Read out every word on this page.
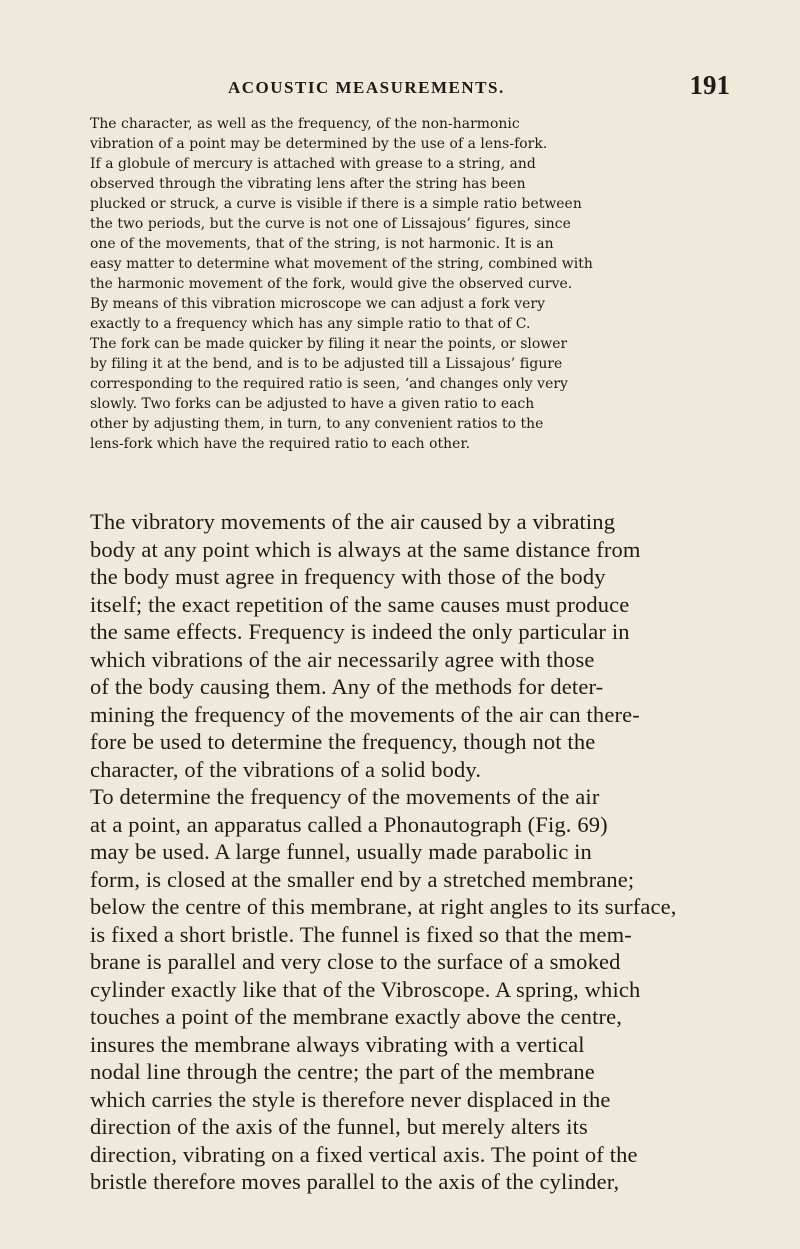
ACOUSTIC MEASUREMENTS.	191
The character, as well as the frequency, of the non-harmonic
vibration of a point may be determined by the use of a lens-fork.
If a globule of mercury is attached with grease to a string, and
observed through the vibrating lens after the string has been
plucked or struck, a curve is visible if there is a simple ratio between
the two periods, but the curve is not one of Lissajous’ figures, since
one of the movements, that of the string, is not harmonic. It is an
easy matter to determine what movement of the string, combined with
the harmonic movement of the fork, would give the observed curve.
By means of this vibration microscope we can adjust a fork very
exactly to a frequency which has any simple ratio to that of C.
The fork can be made quicker by filing it near the points, or slower
by filing it at the bend, and is to be adjusted till a Lissajous’ figure
corresponding to the required ratio is seen, ‘and changes only very
slowly. Two forks can be adjusted to have a given ratio to each
other by adjusting them, in turn, to any convenient ratios to the
lens-fork which have the required ratio to each other.
The vibratory movements of the air caused by a vibrating
body at any point which is always at the same distance from
the body must agree in frequency with those of the body
itself; the exact repetition of the same causes must produce
the same effects. Frequency is indeed the only particular in
which vibrations of the air necessarily agree with those
of the body causing them. Any of the methods for deter-
mining the frequency of the movements of the air can there-
fore be used to determine the frequency, though not the
character, of the vibrations of a solid body.
To determine the frequency of the movements of the air
at a point, an apparatus called a Phonautograph (Fig. 69)
may be used. A large funnel, usually made parabolic in
form, is closed at the smaller end by a stretched membrane;
below the centre of this membrane, at right angles to its surface,
is fixed a short bristle. The funnel is fixed so that the mem-
brane is parallel and very close to the surface of a smoked
cylinder exactly like that of the Vibroscope. A spring, which
touches a point of the membrane exactly above the centre,
insures the membrane always vibrating with a vertical
nodal line through the centre; the part of the membrane
which carries the style is therefore never displaced in the
direction of the axis of the funnel, but merely alters its
direction, vibrating on a fixed vertical axis. The point of the
bristle therefore moves parallel to the axis of the cylinder,
